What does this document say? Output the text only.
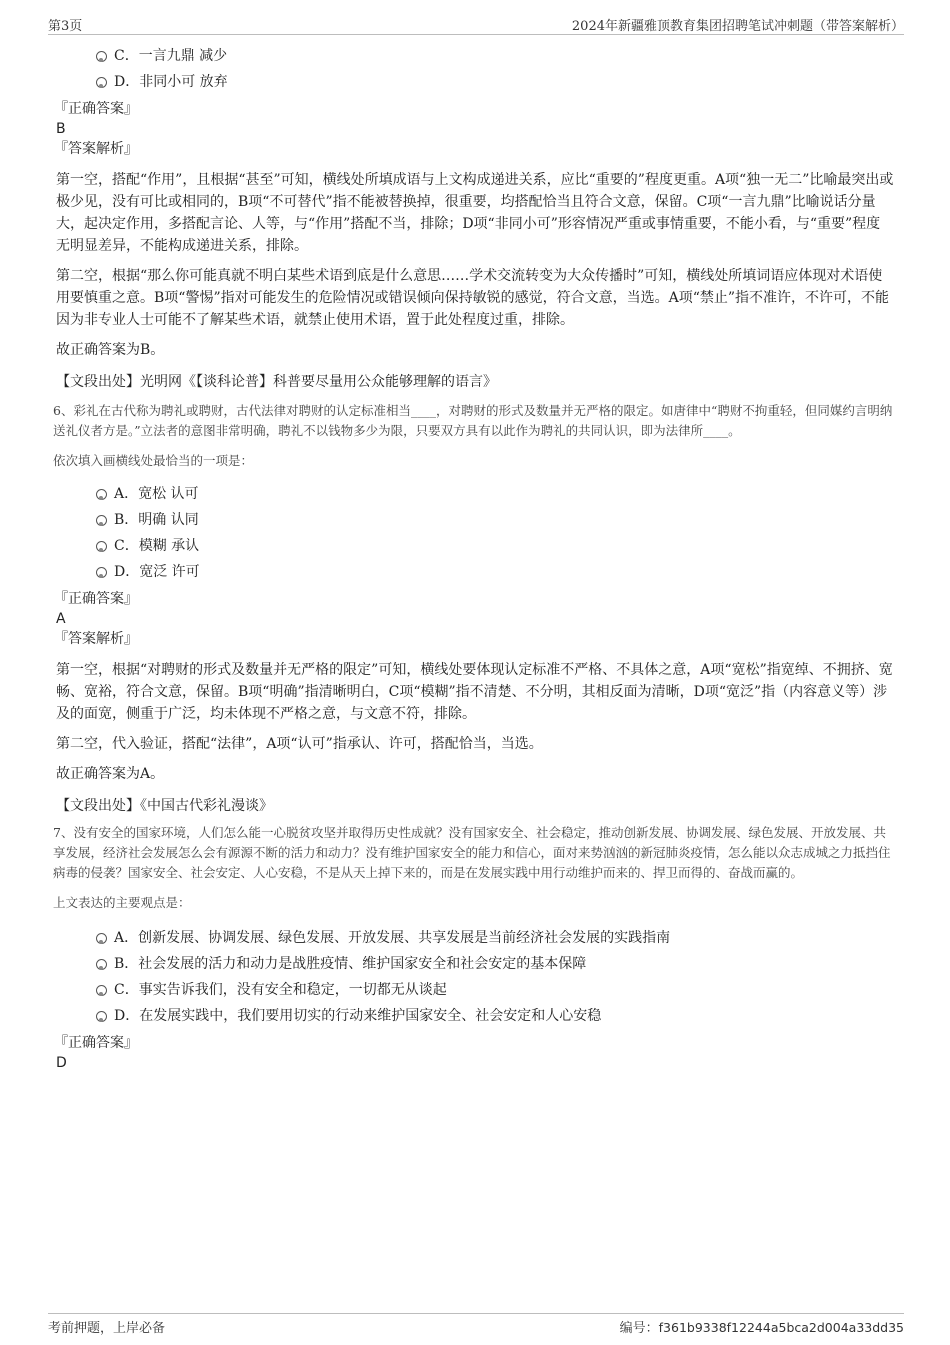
第3页	2024年新疆雅顶教育集团招聘笔试冲刺题（带答案解析）
C．一言九鼎 减少
D．非同小可 放弃
『正确答案』
B
『答案解析』

第一空，搭配“作用”，且根据“甚至”可知，横线处所填成语与上文构成递进关系，应比“重要的”程度更重。A项“独一无二”比喻最突出或极少见，没有可比或相同的，B项“不可替代”指不能被替换掉，很重要，均搭配恰当且符合文意，保留。C项“一言九鼎”比喻说话分量大，起决定作用，多搭配言论、人等，与“作用”搭配不当，排除；D项“非同小可”形容情况严重或事情重要，不能小看，与“重要”程度无明显差异，不能构成递进关系，排除。

第二空，根据“那么你可能真就不明白某些术语到底是什么意思……学术交流转变为大众传播时”可知，横线处所填词语应体现对术语使用要慎重之意。B项“警惕”指对可能发生的危险情况或错误倾向保持敏锐的感觉，符合文意，当选。A项“禁止”指不准许，不许可，不能因为非专业人士可能不了解某些术语，就禁止使用术语，置于此处程度过重，排除。

故正确答案为B。

【文段出处】光明网《【谈科论普】科普要尽量用公众能够理解的语言》

6、彩礼在古代称为聘礼或聘财，古代法律对聘财的认定标准相当____，对聘财的形式及数量并无严格的限定。如唐律中“聘财不拘重轻，但同媒约言明纳送礼仪者方是。”立法者的意图非常明确，聘礼不以钱物多少为限，只要双方具有以此作为聘礼的共同认识，即为法律所____。

依次填入画横线处最恰当的一项是：

A．宽松 认可
B．明确 认同
C．模糊 承认
D．宽泛 许可
『正确答案』
A
『答案解析』

第一空，根据“对聘财的形式及数量并无严格的限定”可知，横线处要体现认定标准不严格、不具体之意，A项“宽松”指宽绰、不拥挤、宽畅、宽裕，符合文意，保留。B项“明确”指清晰明白，C项“模糊”指不清楚、不分明，其相反面为清晰，D项“宽泛”指（内容意义等）涉及的面宽，侧重于广泛，均未体现不严格之意，与文意不符，排除。

第二空，代入验证，搭配“法律”，A项“认可”指承认、许可，搭配恰当，当选。

故正确答案为A。

【文段出处】《中国古代彩礼漫谈》

7、没有安全的国家环境，人们怎么能一心脱贫攻坚并取得历史性成就？没有国家安全、社会稳定，推动创新发展、协调发展、绿色发展、开放发展、共享发展，经济社会发展怎么会有源源不断的活力和动力？没有维护国家安全的能力和信心，面对来势汹汹的新冠肺炎疫情，怎么能以众志成城之力抵挡住病毒的侵袭？国家安全、社会安定、人心安稳，不是从天上掉下来的，而是在发展实践中用行动维护而来的、捍卫而得的、奋战而赢的。

上文表达的主要观点是：

A．创新发展、协调发展、绿色发展、开放发展、共享发展是当前经济社会发展的实践指南
B．社会发展的活力和动力是战胜疫情、维护国家安全和社会安定的基本保障
C．事实告诉我们，没有安全和稳定，一切都无从谈起
D．在发展实践中，我们要用切实的行动来维护国家安全、社会安定和人心安稳
『正确答案』
D
考前押题，上岸必备	编号：f361b9338f12244a5bca2d004a33dd35
